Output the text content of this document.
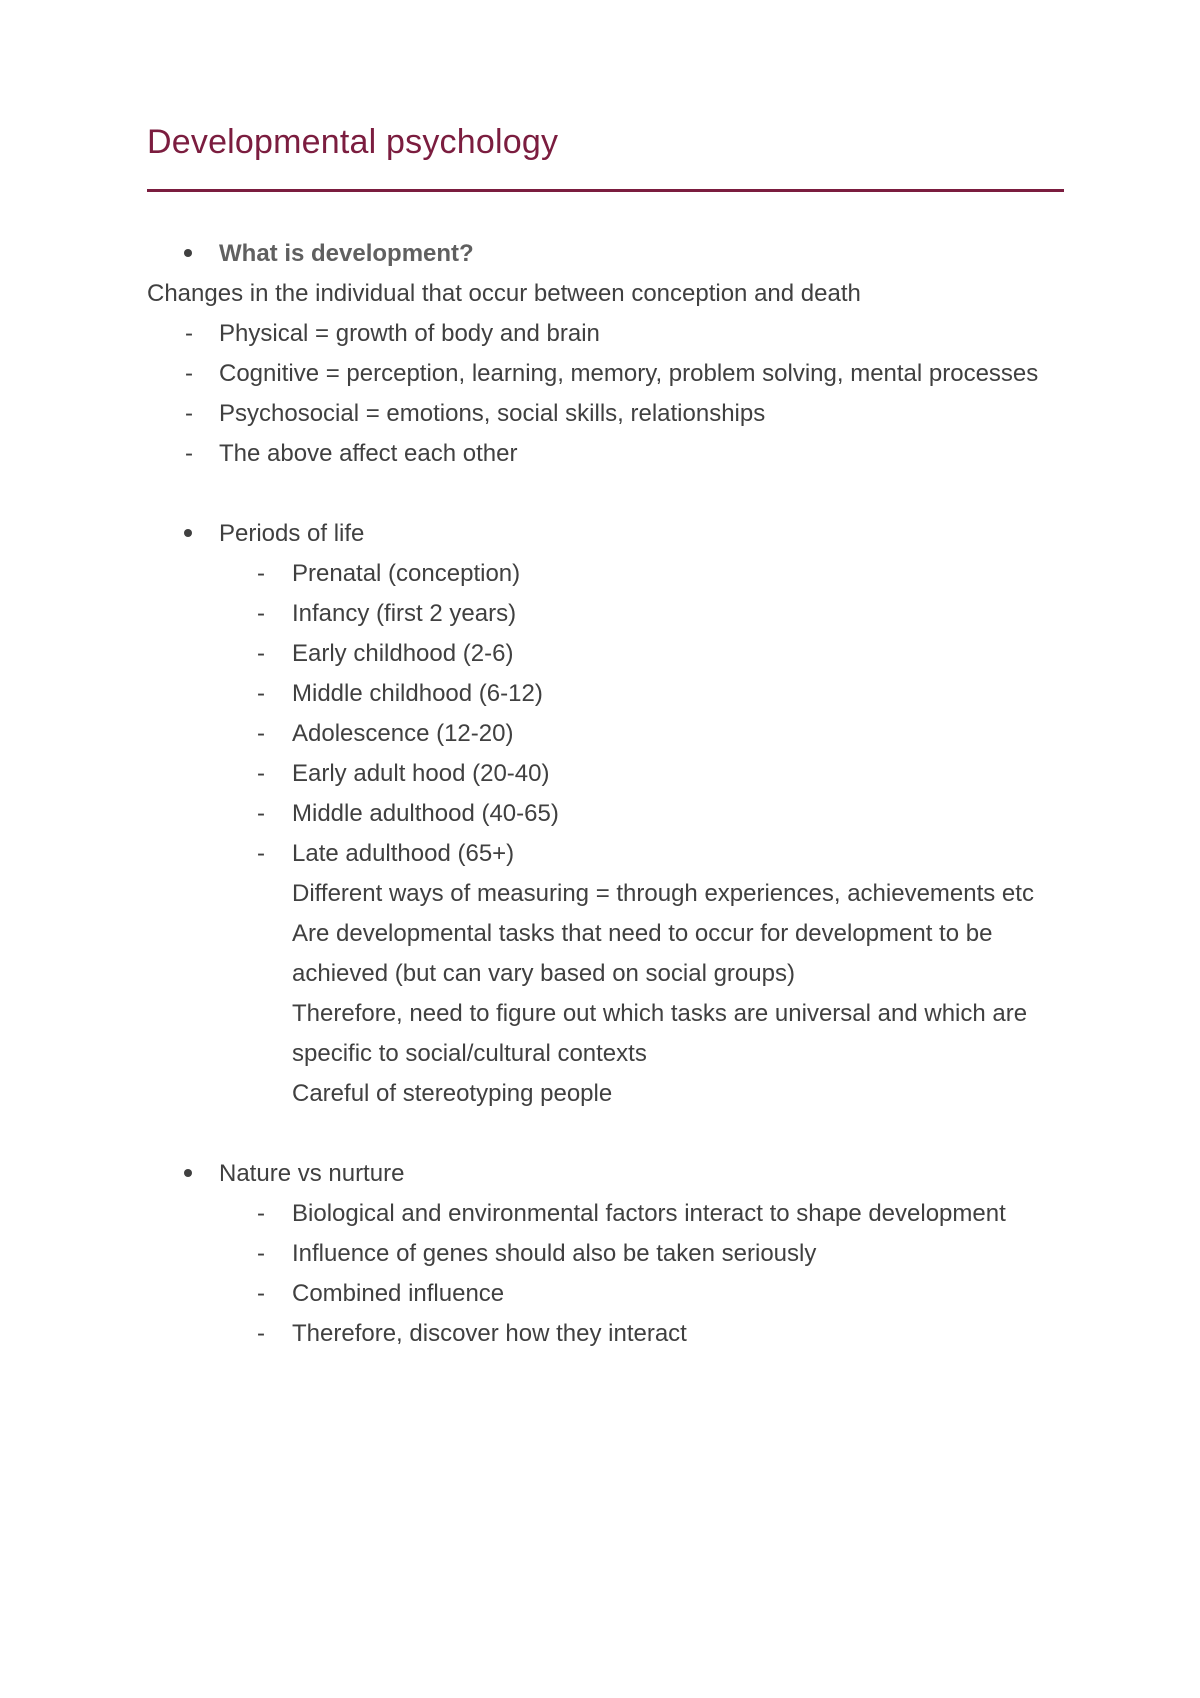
Developmental psychology
What is development?
Changes in the individual that occur between conception and death
- Physical = growth of body and brain
- Cognitive = perception, learning, memory, problem solving, mental processes
- Psychosocial = emotions, social skills, relationships
- The above affect each other
Periods of life
- Prenatal (conception)
- Infancy (first 2 years)
- Early childhood (2-6)
- Middle childhood (6-12)
- Adolescence (12-20)
- Early adult hood (20-40)
- Middle adulthood (40-65)
- Late adulthood (65+)
Different ways of measuring = through experiences, achievements etc
Are developmental tasks that need to occur for development to be achieved (but can vary based on social groups)
Therefore, need to figure out which tasks are universal and which are specific to social/cultural contexts
Careful of stereotyping people
Nature vs nurture
- Biological and environmental factors interact to shape development
- Influence of genes should also be taken seriously
- Combined influence
- Therefore, discover how they interact
